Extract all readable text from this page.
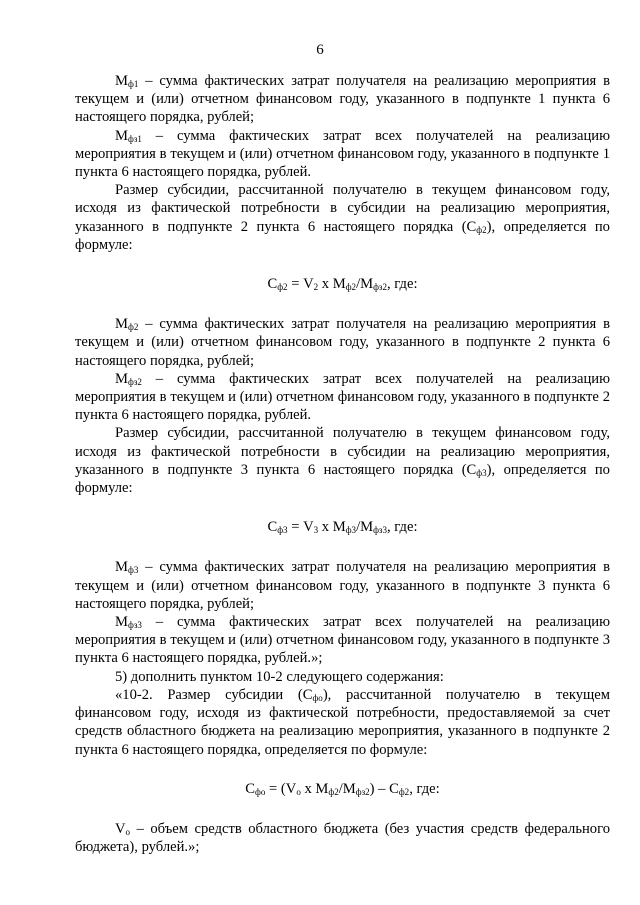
6

$М_{ф1}$ – сумма фактических затрат получателя на реализацию мероприятия в текущем и (или) отчетном финансовом году, указанного в подпункте 1 пункта 6 настоящего порядка, рублей;

$М_{фз1}$ – сумма фактических затрат всех получателей на реализацию мероприятия в текущем и (или) отчетном финансовом году, указанного в подпункте 1 пункта 6 настоящего порядка, рублей.

Размер субсидии, рассчитанной получателю в текущем финансовом году, исходя из фактической потребности в субсидии на реализацию мероприятия, указанного в подпункте 2 пункта 6 настоящего порядка $(С_{ф2})$, определяется по формуле:

$С_{ф2} = V_2$ x $М_{ф2}/М_{фз2}$, где:

$М_{ф2}$ – сумма фактических затрат получателя на реализацию мероприятия в текущем и (или) отчетном финансовом году, указанного в подпункте 2 пункта 6 настоящего порядка, рублей;

$М_{фз2}$ – сумма фактических затрат всех получателей на реализацию мероприятия в текущем и (или) отчетном финансовом году, указанного в подпункте 2 пункта 6 настоящего порядка, рублей.

Размер субсидии, рассчитанной получателю в текущем финансовом году, исходя из фактической потребности в субсидии на реализацию мероприятия, указанного в подпункте 3 пункта 6 настоящего порядка $(С_{ф3})$, определяется по формуле:

$С_{ф3} = V_3$ x $М_{ф3}/М_{фз3}$, где:

$М_{ф3}$ – сумма фактических затрат получателя на реализацию мероприятия в текущем и (или) отчетном финансовом году, указанного в подпункте 3 пункта 6 настоящего порядка, рублей;

$М_{фз3}$ – сумма фактических затрат всех получателей на реализацию мероприятия в текущем и (или) отчетном финансовом году, указанного в подпункте 3 пункта 6 настоящего порядка, рублей.»;

5) дополнить пунктом 10-2 следующего содержания:

«10-2. Размер субсидии $(С_{фо})$, рассчитанной получателю в текущем финансовом году, исходя из фактической потребности, предоставляемой за счет средств областного бюджета на реализацию мероприятия, указанного в подпункте 2 пункта 6 настоящего порядка, определяется по формуле:

$С_{фо} = (V_о$ x $М_{ф2}/М_{фз2}) - С_{ф2}$, где:

$V_о$ – объем средств областного бюджета (без участия средств федерального бюджета), рублей.»;
